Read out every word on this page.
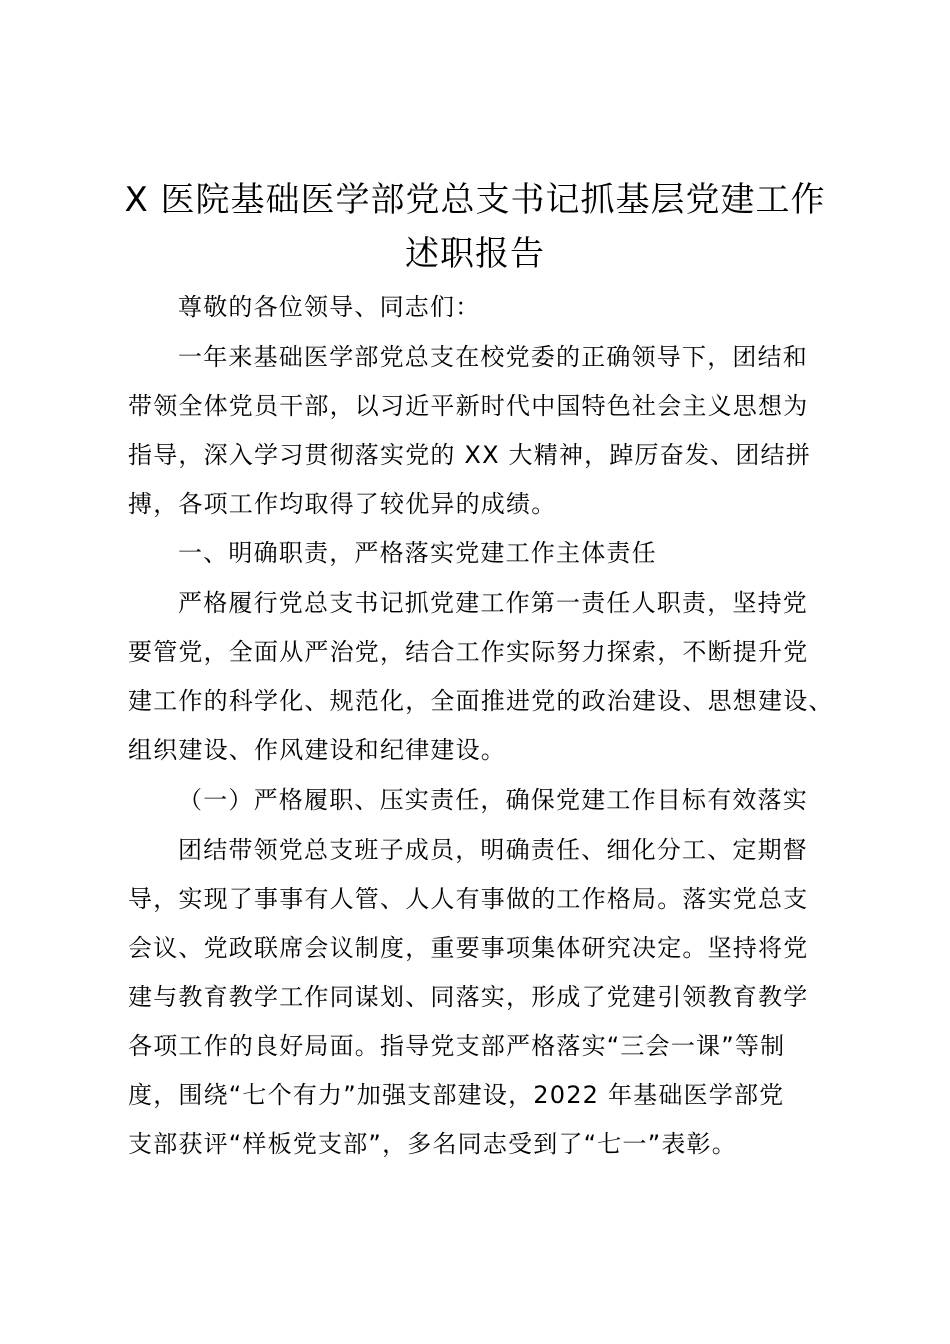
X 医院基础医学部党总支书记抓基层党建工作
述职报告
尊敬的各位领导、同志们：
一年来基础医学部党总支在校党委的正确领导下，团结和
带领全体党员干部，以习近平新时代中国特色社会主义思想为
指导，深入学习贯彻落实党的 XX 大精神，踔厉奋发、团结拼
搏，各项工作均取得了较优异的成绩。
一、明确职责，严格落实党建工作主体责任
严格履行党总支书记抓党建工作第一责任人职责，坚持党
要管党，全面从严治党，结合工作实际努力探索，不断提升党
建工作的科学化、规范化，全面推进党的政治建设、思想建设、
组织建设、作风建设和纪律建设。
（一）严格履职、压实责任，确保党建工作目标有效落实
团结带领党总支班子成员，明确责任、细化分工、定期督
导，实现了事事有人管、人人有事做的工作格局。落实党总支
会议、党政联席会议制度，重要事项集体研究决定。坚持将党
建与教育教学工作同谋划、同落实，形成了党建引领教育教学
各项工作的良好局面。指导党支部严格落实“三会一课”等制
度，围绕“七个有力”加强支部建设，2022 年基础医学部党
支部获评“样板党支部”，多名同志受到了“七一”表彰。
